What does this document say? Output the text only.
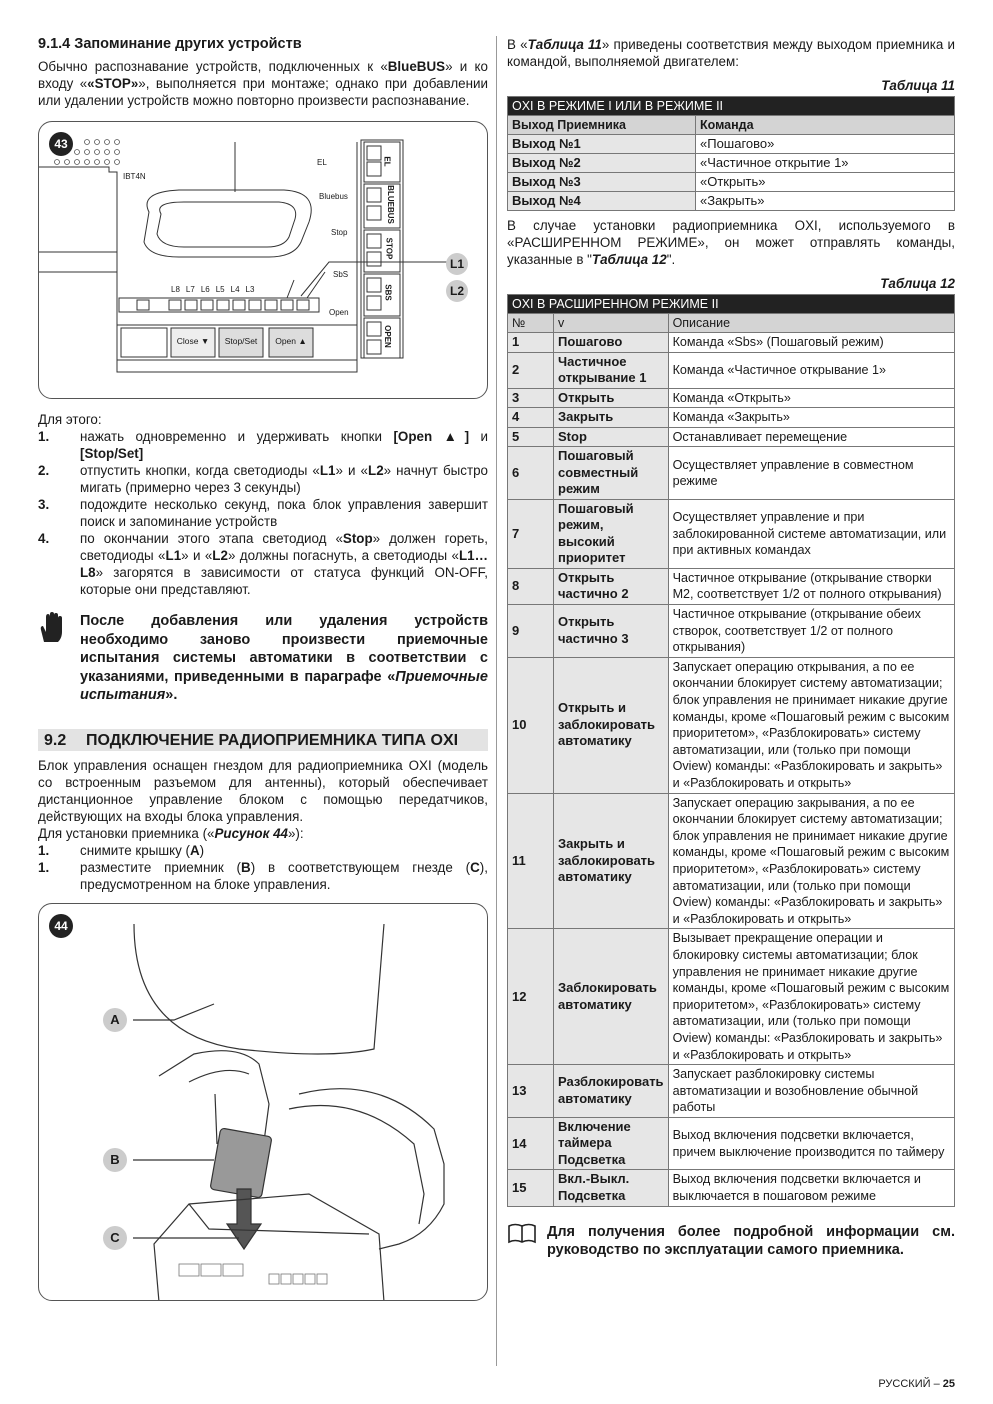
9.1.4 Запоминание других устройств

Обычно распознавание устройств, подключенных к «BlueBUS» и ко входу ««STOP»», выполняется при монтаже; однако при добавлении или удалении устройств можно повторно произвести распознавание.

43
IBT4N
EL
Bluebus
Stop
SbS
Open
EL
BLUEBUS
STOP
SBS
OPEN
L8 L7 L6 L5 L4 L3
Close ▼	Stop/Set	Open ▲
L1
L2
Для этого:
1.	нажать одновременно и удерживать кнопки [Open ▲] и [Stop/Set]
2.	отпустить кнопки, когда светодиоды «L1» и «L2» начнут быстро мигать (примерно через 3 секунды)
3.	подождите несколько секунд, пока блок управления завершит поиск и запоминание устройств
4.	по окончании этого этапа светодиод «Stop» должен гореть, светодиоды «L1» и «L2» должны погаснуть, а светодиоды «L1…L8» загорятся в зависимости от статуса функций ON-OFF, которые они представляют.
После добавления или удаления устройств необходимо заново произвести приемочные испытания системы автоматики в соответствии с указаниями, приведенными в параграфе «Приемочные испытания».
9.2	ПОДКЛЮЧЕНИЕ РАДИОПРИЕМНИКА ТИПА OXI

Блок управления оснащен гнездом для радиоприемника OXI (модель со встроенным разъемом для антенны), который обеспечивает дистанционное управление блоком с помощью передатчиков, действующих на входы блока управления.

Для установки приемника («Рисунок 44»):

1.	снимите крышку (A)
1.	разместите приемник (B) в соответствующем гнезде (C), предусмотренном на блоке управления.
44
A
B
C

В «Таблица 11» приведены соответствия между выходом приемника и командой, выполняемой двигателем:

Таблица 11
OXI В РЕЖИМЕ I ИЛИ В РЕЖИМЕ II	
Выход Приемника	Команда
Выход №1	«Пошагово»
Выход №2	«Частичное открытие 1»
Выход №3	«Открыть»
Выход №4	«Закрыть»

В случае установки радиоприемника OXI, используемого в «РАСШИРЕННОМ РЕЖИМЕ», он может отправлять команды, указанные в "Таблица 12".

Таблица 12
OXI В РАСШИРЕННОМ РЕЖИМЕ II		
№	v	Описание
1	Пошагово	Команда «Sbs» (Пошаговый режим)
2	Частичное открывание 1	Команда «Частичное открывание 1»
3	Открыть	Команда «Открыть»
4	Закрыть	Команда «Закрыть»
5	Stop	Останавливает перемещение
6	Пошаговый совместный режим	Осуществляет управление в совместном режиме
7	Пошаговый режим, высокий приоритет	Осуществляет управление и при заблокированной системе автоматизации, или при активных командах
8	Открыть частично 2	Частичное открывание (открывание створки M2, соответствует 1/2 от полного открывания)
9	Открыть частично 3	Частичное открывание (открывание обеих створок, соответствует 1/2 от полного открывания)
10	Открыть и заблокировать автоматику	Запускает операцию открывания, а по ее окончании блокирует систему автоматизации; блок управления не принимает никакие другие команды, кроме «Пошаговый режим с высоким приоритетом», «Разблокировать» систему автоматизации, или (только при помощи Oview) команды: «Разблокировать и закрыть» и «Разблокировать и открыть»
11	Закрыть и заблокировать автоматику	Запускает операцию закрывания, а по ее окончании блокирует систему автоматизации; блок управления не принимает никакие другие команды, кроме «Пошаговый режим с высоким приоритетом», «Разблокировать» систему автоматизации, или (только при помощи Oview) команды: «Разблокировать и закрыть» и «Разблокировать и открыть»
12	Заблокировать автоматику	Вызывает прекращение операции и блокировку системы автоматизации; блок управления не принимает никакие другие команды, кроме «Пошаговый режим с высоким приоритетом», «Разблокировать» систему автоматизации, или (только при помощи Oview) команды: «Разблокировать и закрыть» и «Разблокировать и открыть»
13	Разблокировать автоматику	Запускает разблокировку системы автоматизации и возобновление обычной работы
14	Включение таймера Подсветка	Выход включения подсветки включается, причем выключение производится по таймеру
15	Вкл.-Выкл. Подсветка	Выход включения подсветки включается и выключается в пошаговом режиме
Для получения более подробной информации см. руководство по эксплуатации самого приемника.
РУССКИЙ – 25
